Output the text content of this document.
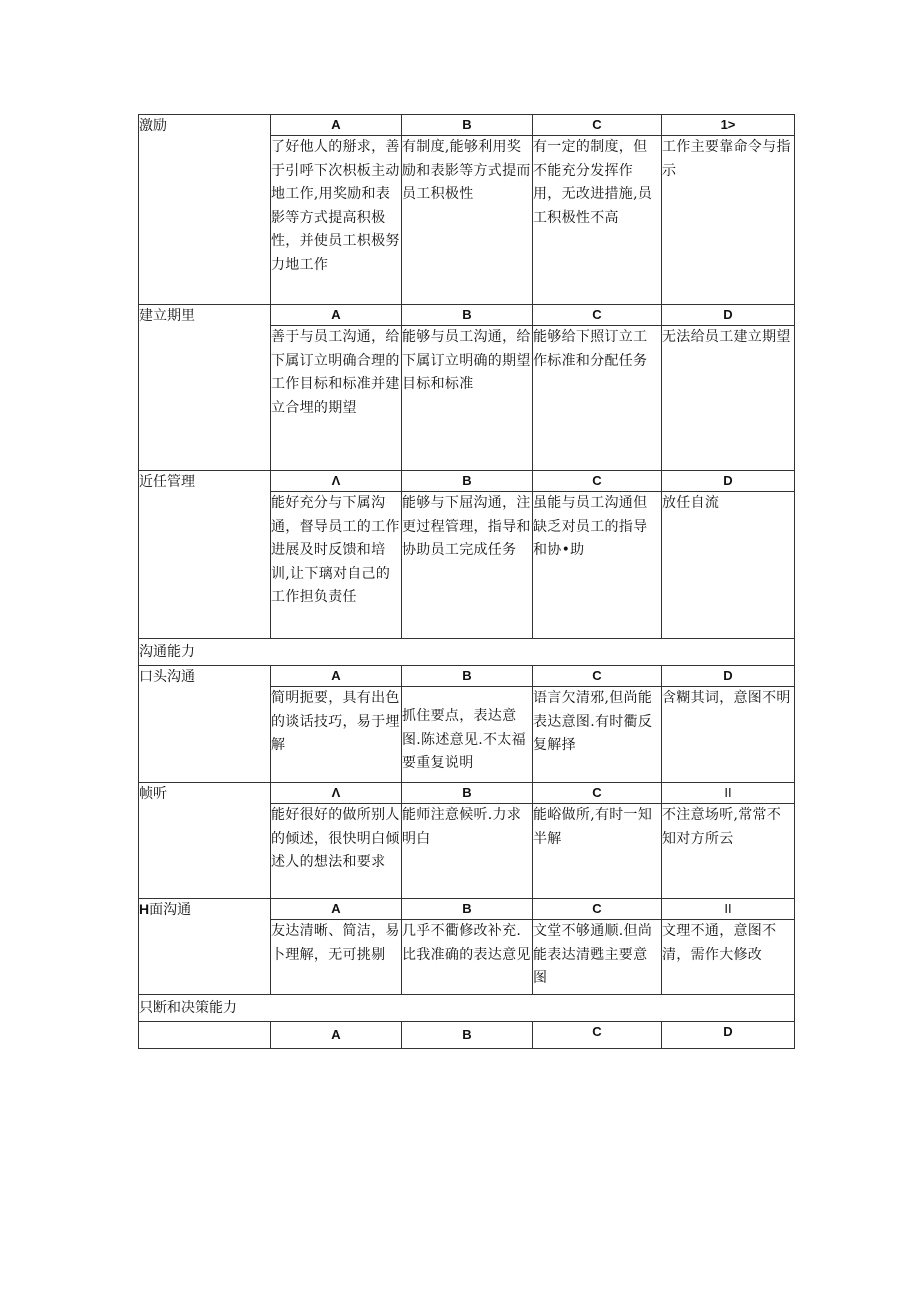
激励	A	B	C	1>
	了好他人的掰求，善于引呼下次枳板主动地工作,用奖励和表影等方式提高积极性，并使员工枳极努力地工作	有制度,能够利用奖励和表影等方式提而员工积极性	有一定的制度，但不能充分发挥作用，无改进措施,员工积极性不高	工作主要靠命令与指示
建立期里	A	B	C	D
	善于与员工沟通，给下属订立明确合理的工作目标和标准并建立合埋的期望	能够与员工沟通，给下属订立明确的期望目标和标准	能够给下照订立工作标准和分配任务	无法给员工建立期望
近任管理	Λ	B	C	D
	能好充分与下属沟通，督导员工的工作进展及时反馈和培训,让下璃对自己的工作担负责任	能够与下屈沟通，注更过程管理，指导和协助员工完成任务	虽能与员工沟通但缺乏对员工的指导和协•助	放任自流
沟通能力				
口头沟通	A	B	C	D
	简明扼要，具有出色的谈话技巧，易于埋解	抓住要点，表达意图.陈述意见.不太福要重复说明	语言欠清邪,但尚能表达意图.有时衢反复解择	含糊其词，意图不明
帧听	Λ	B	C	II
	能好很好的做所别人的倾述，很快明白倾述人的想法和要求	能师注意候听.力求明白	能峪做所,有时一知半解	不注意场听,常常不知对方所云
H面沟通	A	B	C	II
	友达清晰、简洁，易卜理解，无可挑剔	几乎不衢修改补充.比我准确的表达意见	文堂不够通顺.但尚能表达清甦主要意图	文理不通，意图不清，需作大修改
只断和决策能力				
	A	B	C	D
